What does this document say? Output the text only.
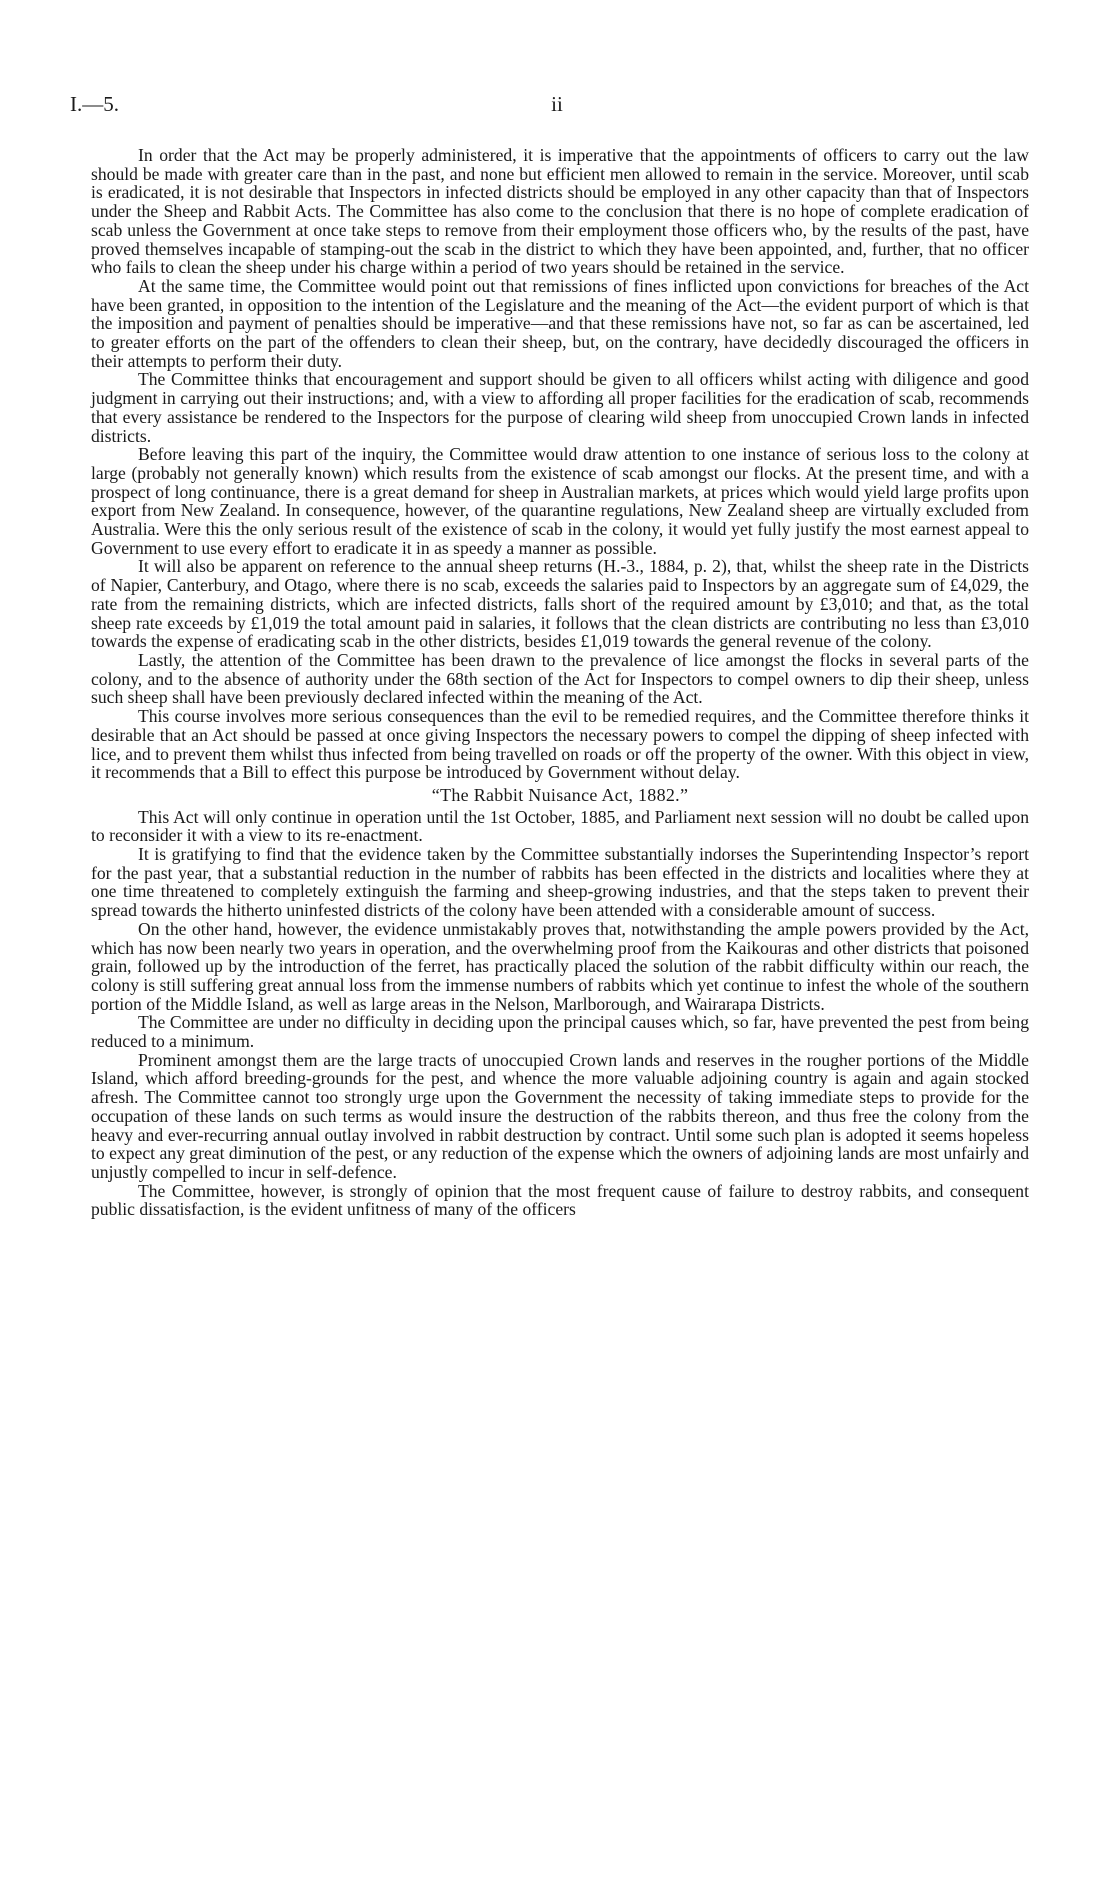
I.—5.	ii

In order that the Act may be properly administered, it is imperative that the appointments of officers to carry out the law should be made with greater care than in the past, and none but efficient men allowed to remain in the service. Moreover, until scab is eradicated, it is not desirable that Inspectors in infected districts should be employed in any other capacity than that of Inspectors under the Sheep and Rabbit Acts. The Committee has also come to the conclusion that there is no hope of complete eradication of scab unless the Government at once take steps to remove from their employment those officers who, by the results of the past, have proved themselves incapable of stamping-out the scab in the district to which they have been appointed, and, further, that no officer who fails to clean the sheep under his charge within a period of two years should be retained in the service.

At the same time, the Committee would point out that remissions of fines inflicted upon convictions for breaches of the Act have been granted, in opposition to the intention of the Legislature and the meaning of the Act—the evident purport of which is that the imposition and payment of penalties should be imperative—and that these remissions have not, so far as can be ascertained, led to greater efforts on the part of the offenders to clean their sheep, but, on the contrary, have decidedly discouraged the officers in their attempts to perform their duty.

The Committee thinks that encouragement and support should be given to all officers whilst acting with diligence and good judgment in carrying out their instructions; and, with a view to affording all proper facilities for the eradication of scab, recommends that every assistance be rendered to the Inspectors for the purpose of clearing wild sheep from unoccupied Crown lands in infected districts.

Before leaving this part of the inquiry, the Committee would draw attention to one instance of serious loss to the colony at large (probably not generally known) which results from the existence of scab amongst our flocks. At the present time, and with a prospect of long continuance, there is a great demand for sheep in Australian markets, at prices which would yield large profits upon export from New Zealand. In consequence, however, of the quarantine regulations, New Zealand sheep are virtually excluded from Australia. Were this the only serious result of the existence of scab in the colony, it would yet fully justify the most earnest appeal to Government to use every effort to eradicate it in as speedy a manner as possible.

It will also be apparent on reference to the annual sheep returns (H.-3., 1884, p. 2), that, whilst the sheep rate in the Districts of Napier, Canterbury, and Otago, where there is no scab, exceeds the salaries paid to Inspectors by an aggregate sum of £4,029, the rate from the remaining districts, which are infected districts, falls short of the required amount by £3,010; and that, as the total sheep rate exceeds by £1,019 the total amount paid in salaries, it follows that the clean districts are contributing no less than £3,010 towards the expense of eradicating scab in the other districts, besides £1,019 towards the general revenue of the colony.

Lastly, the attention of the Committee has been drawn to the prevalence of lice amongst the flocks in several parts of the colony, and to the absence of authority under the 68th section of the Act for Inspectors to compel owners to dip their sheep, unless such sheep shall have been previously declared infected within the meaning of the Act.

This course involves more serious consequences than the evil to be remedied requires, and the Committee therefore thinks it desirable that an Act should be passed at once giving Inspectors the necessary powers to compel the dipping of sheep infected with lice, and to prevent them whilst thus infected from being travelled on roads or off the property of the owner. With this object in view, it recommends that a Bill to effect this purpose be introduced by Government without delay.

“The Rabbit Nuisance Act, 1882.”

This Act will only continue in operation until the 1st October, 1885, and Parliament next session will no doubt be called upon to reconsider it with a view to its re-enactment.

It is gratifying to find that the evidence taken by the Committee substantially indorses the Superintending Inspector’s report for the past year, that a substantial reduction in the number of rabbits has been effected in the districts and localities where they at one time threatened to completely extinguish the farming and sheep-growing industries, and that the steps taken to prevent their spread towards the hitherto uninfested districts of the colony have been attended with a considerable amount of success.

On the other hand, however, the evidence unmistakably proves that, notwithstanding the ample powers provided by the Act, which has now been nearly two years in operation, and the overwhelming proof from the Kaikouras and other districts that poisoned grain, followed up by the introduction of the ferret, has practically placed the solution of the rabbit difficulty within our reach, the colony is still suffering great annual loss from the immense numbers of rabbits which yet continue to infest the whole of the southern portion of the Middle Island, as well as large areas in the Nelson, Marlborough, and Wairarapa Districts.

The Committee are under no difficulty in deciding upon the principal causes which, so far, have prevented the pest from being reduced to a minimum.

Prominent amongst them are the large tracts of unoccupied Crown lands and reserves in the rougher portions of the Middle Island, which afford breeding-grounds for the pest, and whence the more valuable adjoining country is again and again stocked afresh. The Committee cannot too strongly urge upon the Government the necessity of taking immediate steps to provide for the occupation of these lands on such terms as would insure the destruction of the rabbits thereon, and thus free the colony from the heavy and ever-recurring annual outlay involved in rabbit destruction by contract. Until some such plan is adopted it seems hopeless to expect any great diminution of the pest, or any reduction of the expense which the owners of adjoining lands are most unfairly and unjustly compelled to incur in self-defence.

The Committee, however, is strongly of opinion that the most frequent cause of failure to destroy rabbits, and consequent public dissatisfaction, is the evident unfitness of many of the officers
